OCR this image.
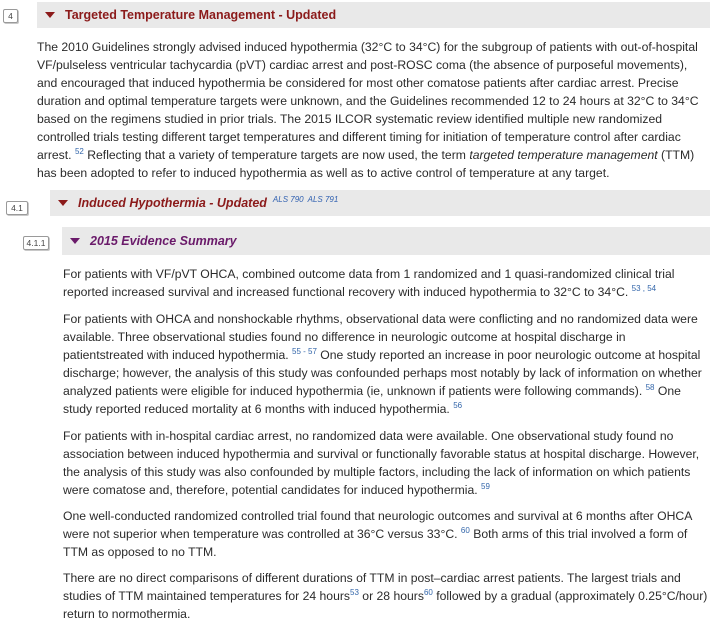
4	Targeted Temperature Management - Updated

The 2010 Guidelines strongly advised induced hypothermia (32°C to 34°C) for the subgroup of patients with out-of-hospital VF/pulseless ventricular tachycardia (pVT) cardiac arrest and post-ROSC coma (the absence of purposeful movements), and encouraged that induced hypothermia be considered for most other comatose patients after cardiac arrest. Precise duration and optimal temperature targets were unknown, and the Guidelines recommended 12 to 24 hours at 32°C to 34°C based on the regimens studied in prior trials. The 2015 ILCOR systematic review identified multiple new randomized controlled trials testing different target temperatures and different timing for initiation of temperature control after cardiac arrest. $^{52}$ Reflecting that a variety of temperature targets are now used, the term targeted temperature management (TTM) has been adopted to refer to induced hypothermia as well as to active control of temperature at any target.

4.1	Induced Hypothermia - Updated ALS 790 ALS 791
4.1.1	2015 Evidence Summary

For patients with VF/pVT OHCA, combined outcome data from 1 randomized and 1 quasi-randomized clinical trial reported increased survival and increased functional recovery with induced hypothermia to 32°C to 34°C. $^{53 , 54}$

For patients with OHCA and nonshockable rhythms, observational data were conflicting and no randomized data were available. Three observational studies found no difference in neurologic outcome at hospital discharge in patientstreated with induced hypothermia. $^{55 - 57}$ One study reported an increase in poor neurologic outcome at hospital discharge; however, the analysis of this study was confounded perhaps most notably by lack of information on whether analyzed patients were eligible for induced hypothermia (ie, unknown if patients were following commands). $^{58}$ One study reported reduced mortality at 6 months with induced hypothermia. $^{56}$

For patients with in-hospital cardiac arrest, no randomized data were available. One observational study found no association between induced hypothermia and survival or functionally favorable status at hospital discharge. However, the analysis of this study was also confounded by multiple factors, including the lack of information on which patients were comatose and, therefore, potential candidates for induced hypothermia. $^{59}$

One well-conducted randomized controlled trial found that neurologic outcomes and survival at 6 months after OHCA were not superior when temperature was controlled at 36°C versus 33°C. $^{60}$ Both arms of this trial involved a form of TTM as opposed to no TTM.

There are no direct comparisons of different durations of TTM in post–cardiac arrest patients. The largest trials and studies of TTM maintained temperatures for 24 hours$^{53}$ or 28 hours$^{60}$ followed by a gradual (approximately 0.25°C/hour) return to normothermia.
